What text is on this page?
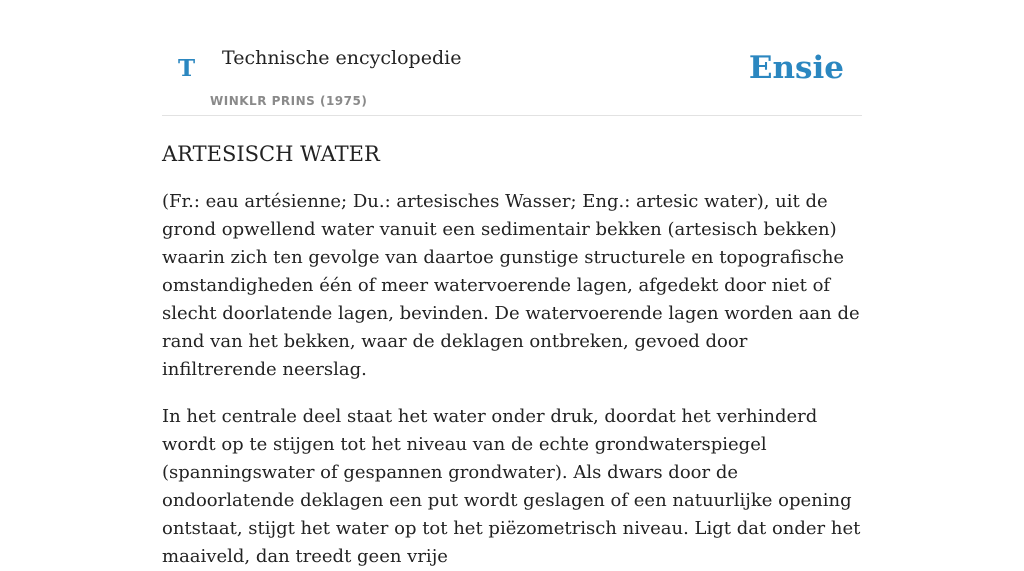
T Technische encyclopedie
WINKLR PRINS (1975)
Ensie
ARTESISCH WATER

(Fr.: eau artésienne; Du.: artesisches Wasser; Eng.: artesic water), uit de grond opwellend water vanuit een sedimentair bekken (artesisch bekken) waarin zich ten gevolge van daartoe gunstige structurele en topografische omstandigheden één of meer watervoerende lagen, afgedekt door niet of slecht doorlatende lagen, bevinden. De watervoerende lagen worden aan de rand van het bekken, waar de deklagen ontbreken, gevoed door infiltrerende neerslag.

In het centrale deel staat het water onder druk, doordat het verhinderd wordt op te stijgen tot het niveau van de echte grondwaterspiegel (spanningswater of gespannen grondwater). Als dwars door de ondoorlatende deklagen een put wordt geslagen of een natuurlijke opening ontstaat, stijgt het water op tot het piëzometrisch niveau. Ligt dat onder het maaiveld, dan treedt geen vrije
